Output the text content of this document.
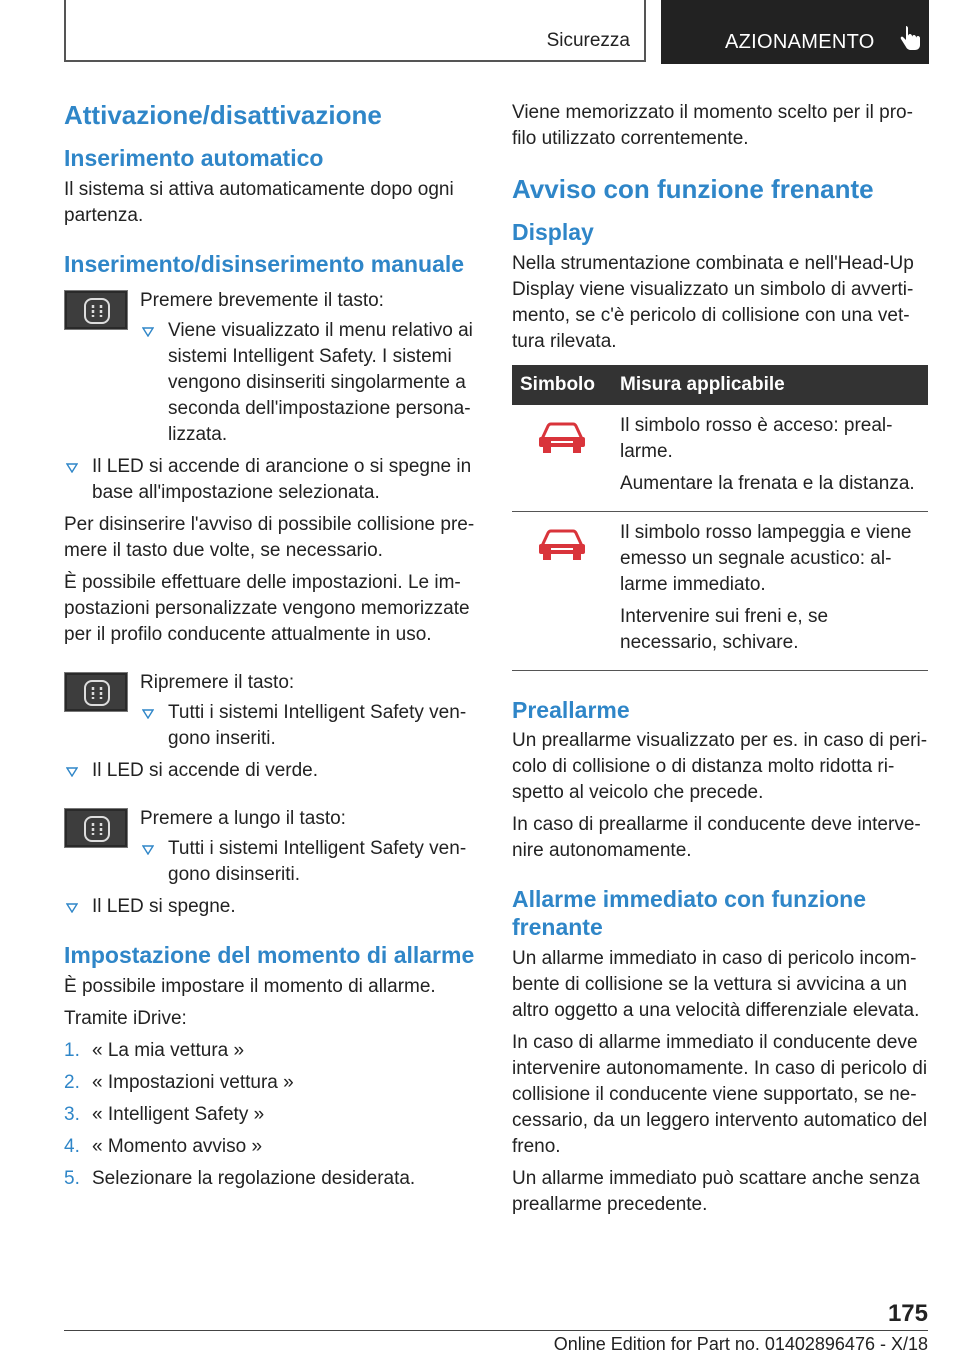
Sicurezza	AZIONAMENTO
Attivazione/disattivazione
Inserimento automatico

Il sistema si attiva automaticamente dopo ogni partenza.

Inserimento/disinserimento manuale

Premere brevemente il tasto:

Viene visualizzato il menu relativo ai sistemi Intelligent Safety. I sistemi vengono disinseriti singolarmente a seconda dell'impostazione personalizzata.
Il LED si accende di arancione o si spegne in base all'impostazione selezionata.

Per disinserire l'avviso di possibile collisione premere il tasto due volte, se necessario.

È possibile effettuare delle impostazioni. Le impostazioni personalizzate vengono memorizzate per il profilo conducente attualmente in uso.

Ripremere il tasto:

Tutti i sistemi Intelligent Safety vengono inseriti.
Il LED si accende di verde.

Premere a lungo il tasto:

Tutti i sistemi Intelligent Safety vengono disinseriti.
Il LED si spegne.
Impostazione del momento di allarme

È possibile impostare il momento di allarme.

Tramite iDrive:

1. « La mia vettura »
2. « Impostazioni vettura »
3. « Intelligent Safety »
4. « Momento avviso »
5. Selezionare la regolazione desiderata.

Viene memorizzato il momento scelto per il profilo utilizzato correntemente.

Avviso con funzione frenante
Display

Nella strumentazione combinata e nell'Head-Up Display viene visualizzato un simbolo di avvertimento, se c'è pericolo di collisione con una vettura rilevata.

Simbolo	Misura applicabile

Il simbolo rosso è acceso: preallarme.

Aumentare la frenata e la distanza.

Il simbolo rosso lampeggia e viene emesso un segnale acustico: allarme immediato.

Intervenire sui freni e, se necessario, schivare.

Preallarme

Un preallarme visualizzato per es. in caso di pericolo di collisione o di distanza molto ridotta rispetto al veicolo che precede.

In caso di preallarme il conducente deve intervenire autonomamente.

Allarme immediato con funzione frenante

Un allarme immediato in caso di pericolo incombente di collisione se la vettura si avvicina a un altro oggetto a una velocità differenziale elevata.

In caso di allarme immediato il conducente deve intervenire autonomamente. In caso di pericolo di collisione il conducente viene supportato, se necessario, da un leggero intervento automatico del freno.

Un allarme immediato può scattare anche senza preallarme precedente.

175
Online Edition for Part no. 01402896476 - X/18
